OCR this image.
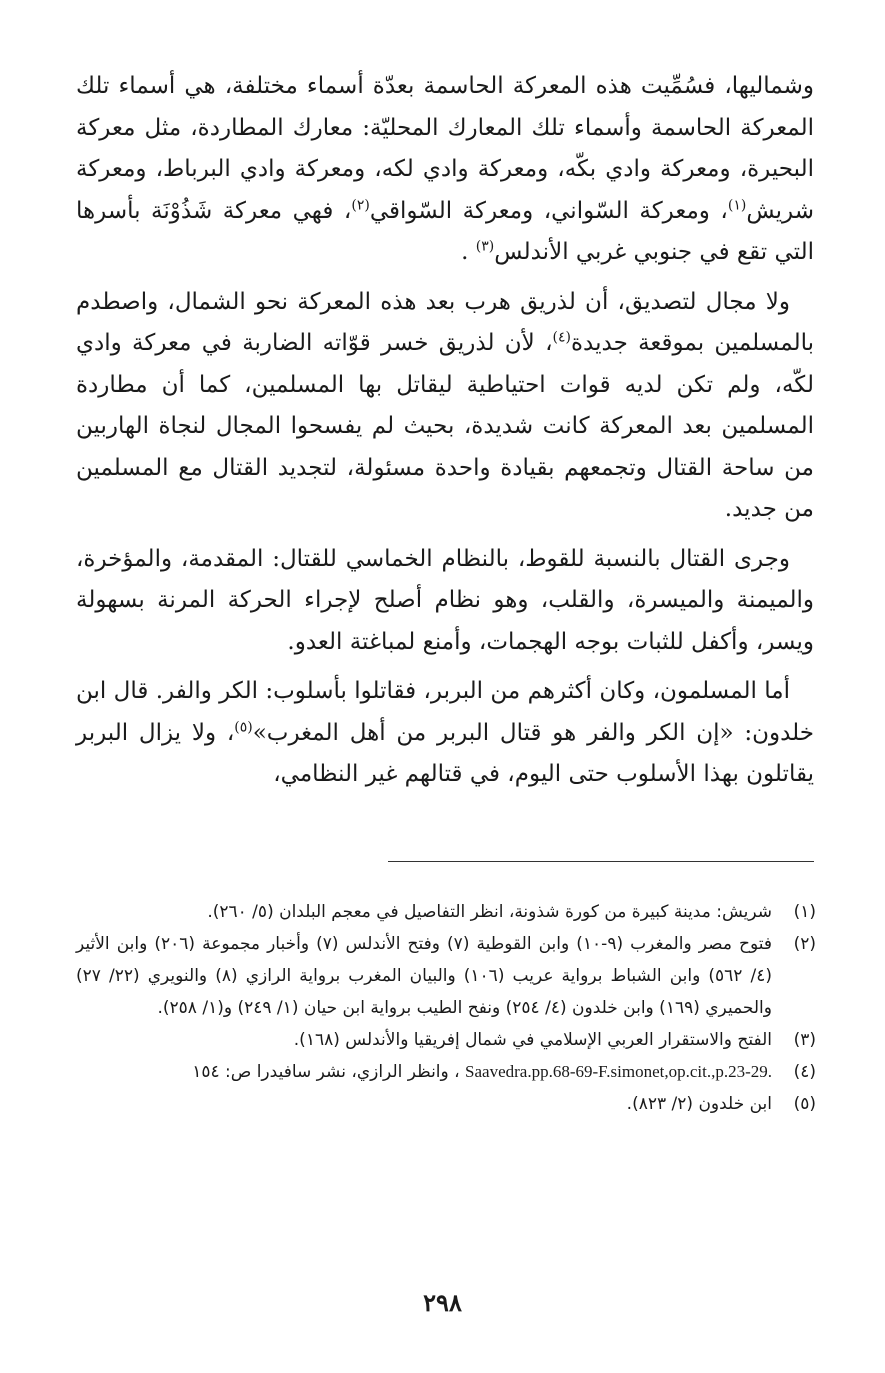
وشماليها، فسُمِّيت هذه المعركة الحاسمة بعدّة أسماء مختلفة، هي أسماء تلك المعركة الحاسمة وأسماء تلك المعارك المحليّة: معارك المطاردة، مثل معركة البحيرة، ومعركة وادي بكّه، ومعركة وادي لكه، ومعركة وادي البرباط، ومعركة شريش$^{(١)}$، ومعركة السّواني، ومعركة السّواقي$^{(٢)}$، فهي معركة شَذُوْنَة بأسرها التي تقع في جنوبي غربي الأندلس$^{(٣)}$ .

ولا مجال لتصديق، أن لذريق هرب بعد هذه المعركة نحو الشمال، واصطدم بالمسلمين بموقعة جديدة$^{(٤)}$، لأن لذريق خسر قوّاته الضاربة في معركة وادي لكّه، ولم تكن لديه قوات احتياطية ليقاتل بها المسلمين، كما أن مطاردة المسلمين بعد المعركة كانت شديدة، بحيث لم يفسحوا المجال لنجاة الهاربين من ساحة القتال وتجمعهم بقيادة واحدة مسئولة، لتجديد القتال مع المسلمين من جديد.

وجرى القتال بالنسبة للقوط، بالنظام الخماسي للقتال: المقدمة، والمؤخرة، والميمنة والميسرة، والقلب، وهو نظام أصلح لإجراء الحركة المرنة بسهولة ويسر، وأكفل للثبات بوجه الهجمات، وأمنع لمباغتة العدو.

أما المسلمون، وكان أكثرهم من البربر، فقاتلوا بأسلوب: الكر والفر. قال ابن خلدون: «إن الكر والفر هو قتال البربر من أهل المغرب»$^{(٥)}$، ولا يزال البربر يقاتلون بهذا الأسلوب حتى اليوم، في قتالهم غير النظامي،

(١)
شريش: مدينة كبيرة من كورة شذونة، انظر التفاصيل في معجم البلدان (٥/ ٢٦٠).
(٢)
فتوح مصر والمغرب (٩-١٠) وابن القوطية (٧) وفتح الأندلس (٧) وأخبار مجموعة (٢٠٦) وابن الأثير (٤/ ٥٦٢) وابن الشباط برواية عريب (١٠٦) والبيان المغرب برواية الرازي (٨) والنويري (٢٢/ ٢٧) والحميري (١٦٩) وابن خلدون (٤/ ٢٥٤) ونفح الطيب برواية ابن حيان (١/ ٢٤٩) و(١/ ٢٥٨).
(٣)
الفتح والاستقرار العربي الإسلامي في شمال إفريقيا والأندلس (١٦٨).
(٤)
Saavedra.pp.68-69-F.simonet,op.cit.,p.23-29. ، وانظر الرازي، نشر سافيدرا ص: ١٥٤
(٥)
ابن خلدون (٢/ ٨٢٣).
٢٩٨
